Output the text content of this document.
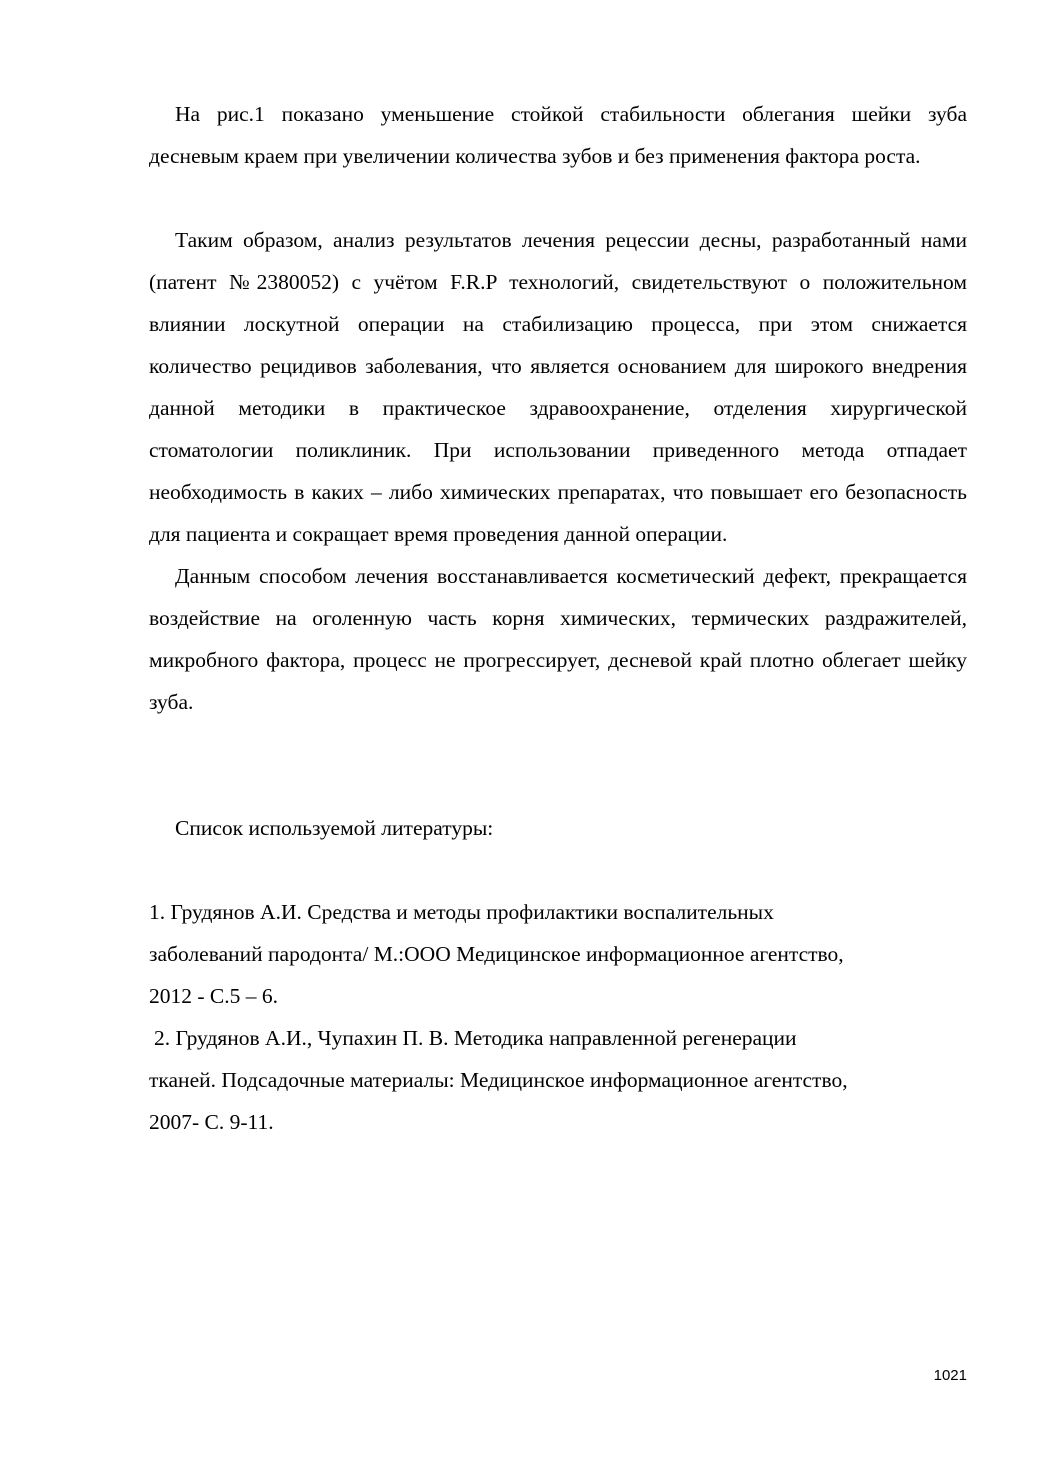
На рис.1 показано уменьшение стойкой стабильности облегания шейки зуба десневым краем при увеличении количества зубов и без применения фактора роста.

Таким образом, анализ результатов лечения рецессии десны, разработанный нами (патент №2380052) с учётом F.R.P технологий, свидетельствуют о положительном влиянии лоскутной операции на стабилизацию процесса, при этом снижается количество рецидивов заболевания, что является основанием для широкого внедрения данной методики в практическое здравоохранение, отделения хирургической стоматологии поликлиник. При использовании приведенного метода отпадает необходимость в каких – либо химических препаратах, что повышает его безопасность для пациента и сокращает время проведения данной операции.

Данным способом лечения восстанавливается косметический дефект, прекращается воздействие на оголенную часть корня химических, термических раздражителей, микробного фактора, процесс не прогрессирует, десневой край плотно облегает шейку зуба.

Список используемой литературы:

1. Грудянов А.И. Средства и методы профилактики воспалительных

заболеваний пародонта/ М.:ООО Медицинское информационное агентство,

2012 - С.5 – 6.

2. Грудянов А.И., Чупахин П. В. Методика направленной регенерации

тканей. Подсадочные материалы: Медицинское информационное агентство,

2007- С. 9-11.

1021
